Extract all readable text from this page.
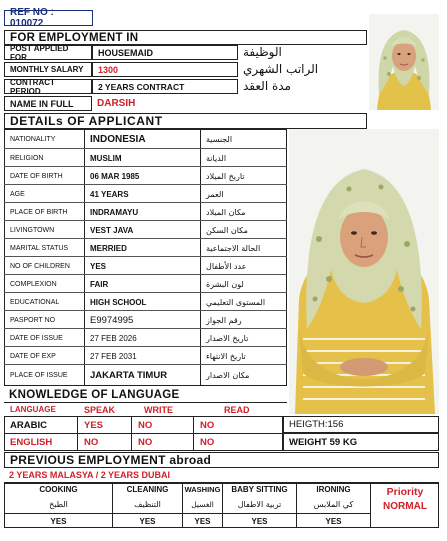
REF NO : 010072
FOR EMPLOYMENT IN
POST APPLIED FOR	HOUSEMAID	الوظيفة
MONTHLY SALARY	1300	الراتب الشهري
CONTRACT PERIOD	2 YEARS CONTRACT	مدة العقد
NAME IN FULL	DARSIH
DETAILs OF APPLICANT
NATIONALITY	INDONESIA	الجنسية
RELIGION	MUSLIM	الديانة
DATE OF BIRTH	06 MAR 1985	تاريخ الميلاد
AGE	41 YEARS	العمر
PLACE OF BIRTH	INDRAMAYU	مكان الميلاد
LIVINGTOWN	VEST JAVA	مكان السكن
MARITAL STATUS	MERRIED	الحالة الاجتماعية
NO OF CHILDREN	YES	عدد الأطفال
COMPLEXION	FAIR	لون البشرة
EDUCATIONAL	HIGH SCHOOL	المستوى التعليمي
PASPORT NO	E9974995	رقم الجواز
DATE OF ISSUE	27 FEB 2026	تاريخ الاصدار
DATE OF EXP	27 FEB 2031	تاريخ الانتهاء
PLACE OF ISSUE	JAKARTA TIMUR	مكان الاصدار
KNOWLEDGE OF LANGUAGE
LANGUAGE	SPEAK	WRITE	READ
ARABIC	YES	NO	NO
ENGLISH	NO	NO	NO
HEIGTH:156
WEIGHT 59 KG
PREVIOUS EMPLOYMENT abroad
2 YEARS MALASYA / 2 YEARS DUBAI
COOKING	CLEANING	WASHING	BABY SITTING	IRONING
الطبخ	التنظيف	الغسيل	تربية الاطفال	كي الملابس
YES	YES	YES	YES	YES
Priority
NORMAL
